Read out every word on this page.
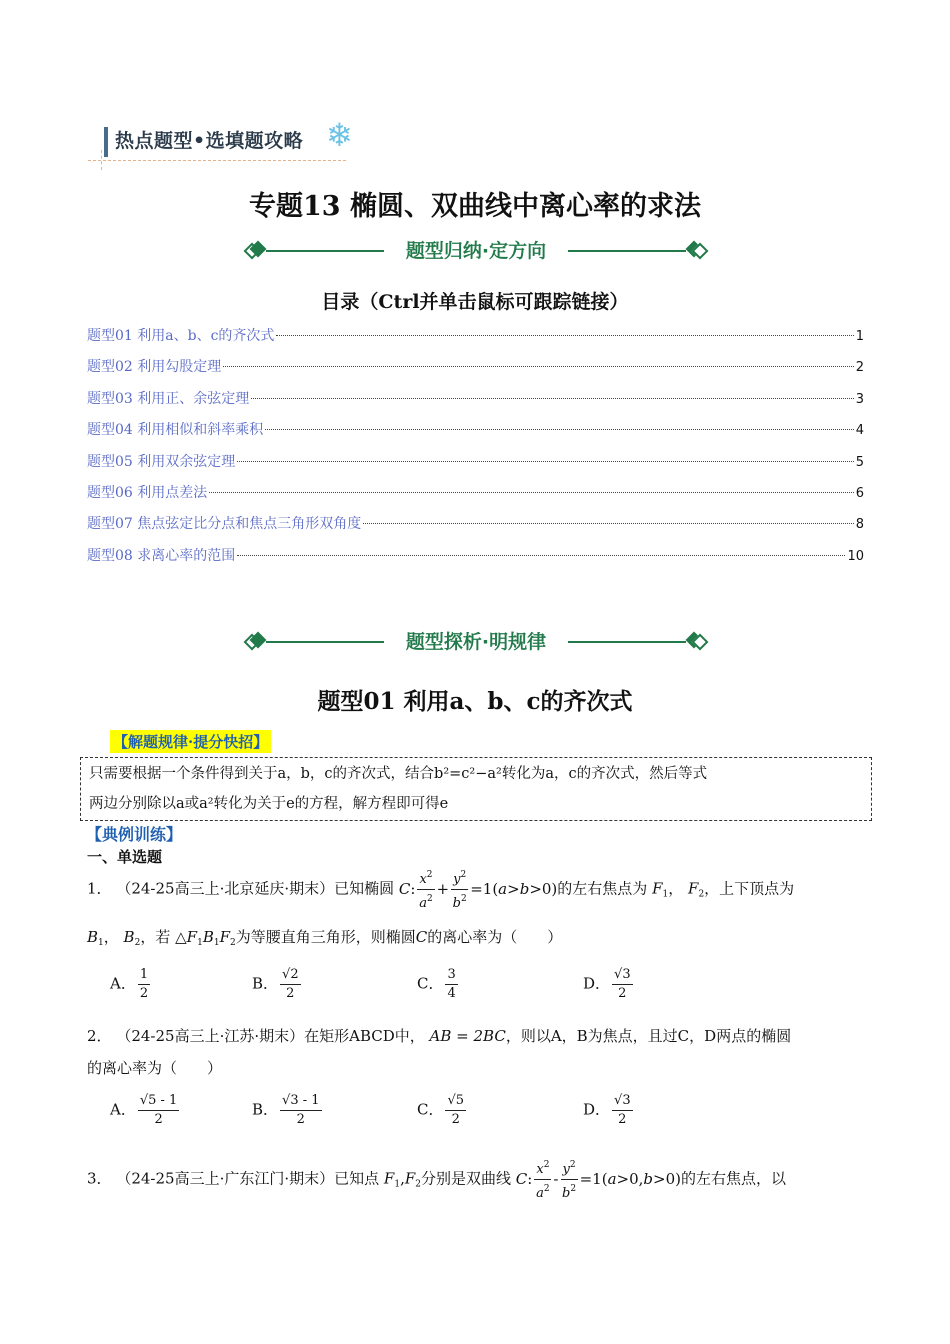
热点题型•选填题攻略 ❄
专题13 椭圆、双曲线中离心率的求法
题型归纳·定方向
目录（Ctrl并单击鼠标可跟踪链接）
题型01 利用a、b、c的齐次式	1
题型02 利用勾股定理	2
题型03 利用正、余弦定理	3
题型04 利用相似和斜率乘积	4
题型05 利用双余弦定理	5
题型06 利用点差法	6
题型07 焦点弦定比分点和焦点三角形双角度	8
题型08 求离心率的范围	10
题型探析·明规律
题型01 利用a、b、c的齐次式
【解题规律·提分快招】
只需要根据一个条件得到关于a，b，c的齐次式，结合b²=c²−a²转化为a，c的齐次式，然后等式
两边分别除以a或a²转化为关于e的方程，解方程即可得e
【典例训练】
一、单选题
1． （24-25高三上·北京延庆·期末）已知椭圆 C: $\frac{x^2}{a^2} + \frac{y^2}{b^2} =1(a>b>0)$的左右焦点为 $F_1$， $F_2$，上下顶点为
$B_1$， $B_2$，若 $\triangle F_1B_1F_2$为等腰直角三角形，则椭圆C的离心率为（　　）
A． $\frac{1}{2}$	B． $\frac{√2}{2}$	C． $\frac{3}{4}$	D． $\frac{√3}{2}$
2． （24-25高三上·江苏·期末）在矩形ABCD中， AB = 2BC，则以A，B为焦点，且过C，D两点的椭圆
的离心率为（　　）
A． $\frac{√5 - 1}{2}$	B． $\frac{√3 - 1}{2}$	C． $\frac{√5}{2}$	D． $\frac{√3}{2}$
3． （24-25高三上·广东江门·期末）已知点 $F_1,F_2$分别是双曲线 C: $\frac{x^2}{a^2} - \frac{y^2}{b^2} =1(a>0,b>0)$的左右焦点，以
